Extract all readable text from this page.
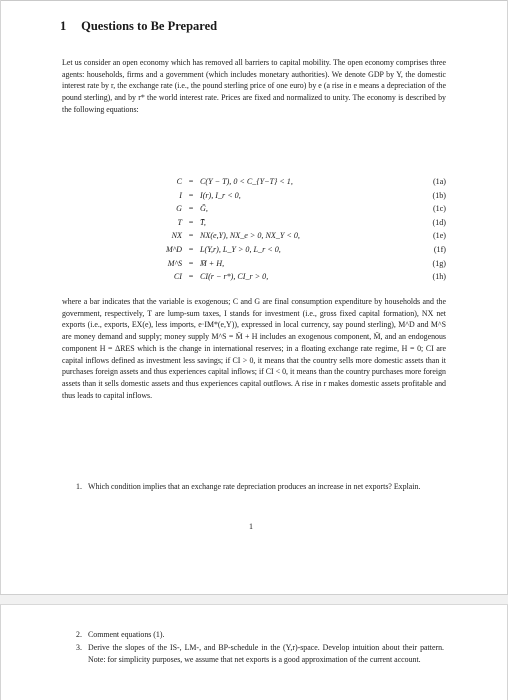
1 Questions to Be Prepared

Let us consider an open economy which has removed all barriers to capital mobility. The open economy comprises three agents: households, firms and a government (which includes monetary authorities). We denote GDP by Y, the domestic interest rate by r, the exchange rate (i.e., the pound sterling price of one euro) by e (a rise in e means a depreciation of the pound sterling), and by r* the world interest rate. Prices are fixed and normalized to unity. The economy is described by the following equations:

C	=	C(Y − T), 0 < C_{Y−T} < 1,	(1a)
I	=	I(r), I_r < 0,	(1b)
G	=	Ḡ,	(1c)
T	=	T̄,	(1d)
NX	=	NX(e,Y), NX_e > 0, NX_Y < 0,	(1e)
M^D	=	L(Y,r), L_Y > 0, L_r < 0,	(1f)
M^S	=	M̄ + H,	(1g)
CI	=	CI(r − r*), CI_r > 0,	(1h)

where a bar indicates that the variable is exogenous; C and G are final consumption expenditure by households and the government, respectively, T are lump-sum taxes, I stands for investment (i.e., gross fixed capital formation), NX net exports (i.e., exports, EX(e), less imports, e·IM*(e,Y)), expressed in local currency, say pound sterling), M^D and M^S are money demand and supply; money supply M^S = M̄ + H includes an exogenous component, M̄, and an endogenous component H = ΔRES which is the change in international reserves; in a floating exchange rate regime, H = 0; CI are capital inflows defined as investment less savings; if CI > 0, it means that the country sells more domestic assets than it purchases foreign assets and thus experiences capital inflows; if CI < 0, it means than the country purchases more foreign assets than it sells domestic assets and thus experiences capital outflows. A rise in r makes domestic assets profitable and thus leads to capital inflows.

1. Which condition implies that an exchange rate depreciation produces an increase in net exports? Explain.
1
2. Comment equations (1).
3. Derive the slopes of the IS-, LM-, and BP-schedule in the (Y,r)-space. Develop intuition about their pattern. Note: for simplicity purposes, we assume that net exports is a good approximation of the current account.
